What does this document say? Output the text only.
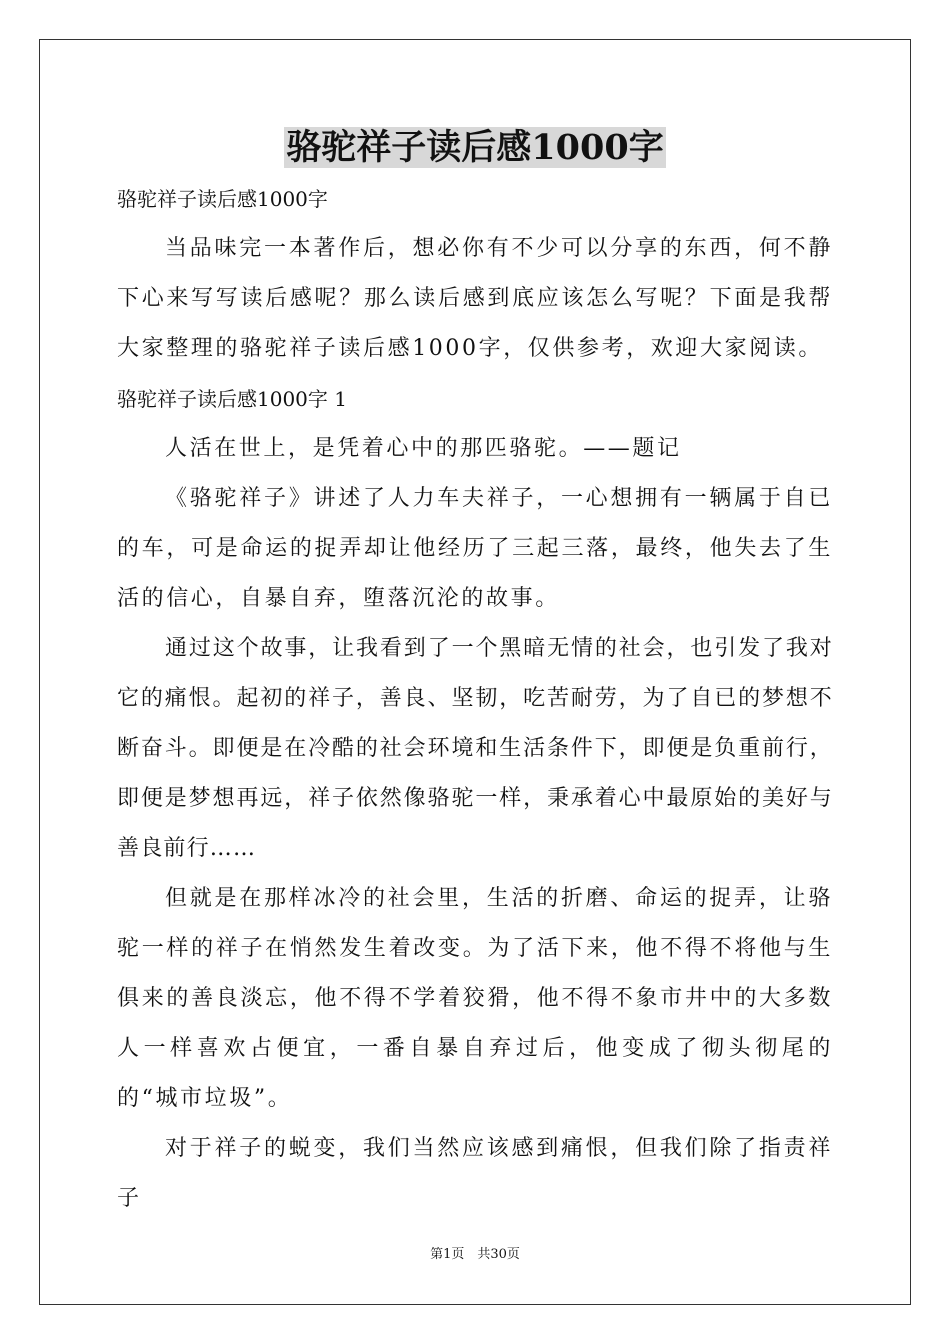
骆驼祥子读后感1000字

骆驼祥子读后感1000字

当品味完一本著作后，想必你有不少可以分享的东西，何不静下心来写写读后感呢？那么读后感到底应该怎么写呢？下面是我帮大家整理的骆驼祥子读后感1000字，仅供参考，欢迎大家阅读。

骆驼祥子读后感1000字 1

人活在世上，是凭着心中的那匹骆驼。——题记

《骆驼祥子》讲述了人力车夫祥子，一心想拥有一辆属于自已的车，可是命运的捉弄却让他经历了三起三落，最终，他失去了生活的信心，自暴自弃，堕落沉沦的故事。

通过这个故事，让我看到了一个黑暗无情的社会，也引发了我对它的痛恨。起初的祥子，善良、坚韧，吃苦耐劳，为了自已的梦想不断奋斗。即便是在冷酷的社会环境和生活条件下，即便是负重前行，即便是梦想再远，祥子依然像骆驼一样，秉承着心中最原始的美好与善良前行……

但就是在那样冰冷的社会里，生活的折磨、命运的捉弄，让骆驼一样的祥子在悄然发生着改变。为了活下来，他不得不将他与生俱来的善良淡忘，他不得不学着狡猾，他不得不象市井中的大多数人一样喜欢占便宜，一番自暴自弃过后，他变成了彻头彻尾的的“城市垃圾”。

对于祥子的蜕变，我们当然应该感到痛恨，但我们除了指责祥子

第1页　共30页
